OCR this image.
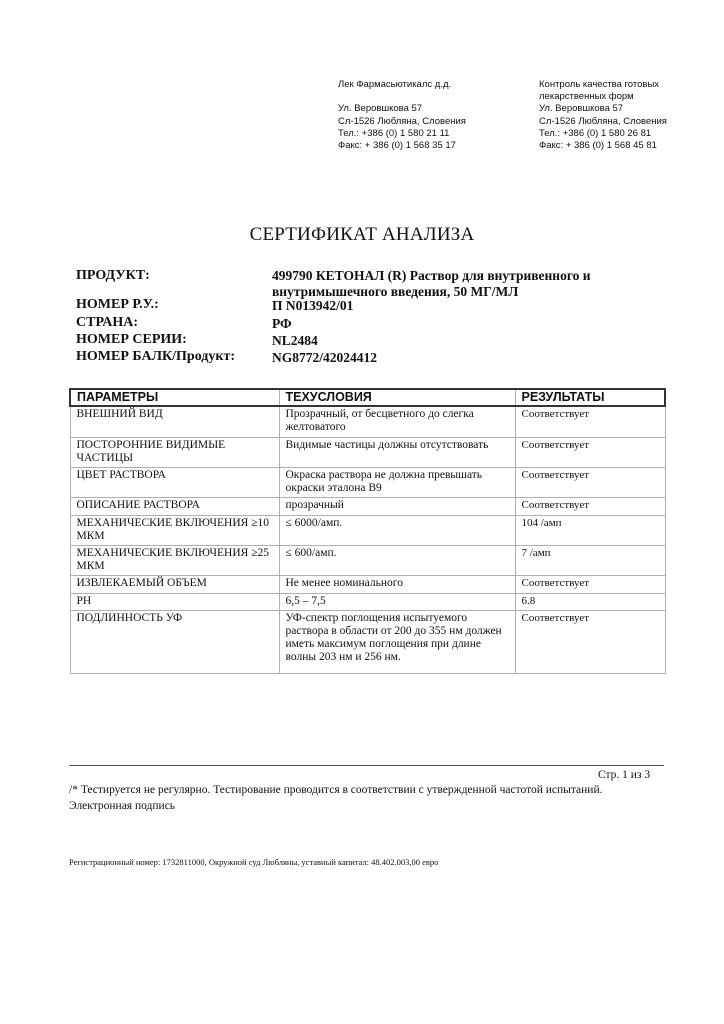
Лек Фармасьютикалс д.д.
Ул. Веровшкова 57
Сл-1526 Любляна, Словения
Тел.: +386 (0) 1 580 21 11
Факс: + 386 (0) 1 568 35 17
Контроль качества готовых
лекарственных форм
Ул. Веровшкова 57
Сл-1526 Любляна, Словения
Тел.: +386 (0) 1 580 26 81
Факс: + 386 (0) 1 568 45 81
СЕРТИФИКАТ АНАЛИЗА
ПРОДУКТ:	499790 КЕТОНАЛ (R) Раствор для внутривенного и
внутримышечного введения, 50 МГ/МЛ
НОМЕР Р.У.:	П N013942/01
СТРАНА:	РФ
НОМЕР СЕРИИ:	NL2484
НОМЕР БАЛК/Продукт:	NG8772/42024412
ПАРАМЕТРЫ	ТЕХУСЛОВИЯ	РЕЗУЛЬТАТЫ
ВНЕШНИЙ ВИД	Прозрачный, от бесцветного до слегка желтоватого	Соответствует
ПОСТОРОННИЕ ВИДИМЫЕ ЧАСТИЦЫ	Видимые частицы должны отсутствовать	Соответствует
ЦВЕТ РАСТВОРА	Окраска раствора не должна превышать окраски эталона В9	Соответствует
ОПИСАНИЕ РАСТВОРА	прозрачный	Соответствует
МЕХАНИЧЕСКИЕ ВКЛЮЧЕНИЯ ≥10 МКМ	≤ 6000/амп.	104 /амп
МЕХАНИЧЕСКИЕ ВКЛЮЧЕНИЯ ≥25 МКМ	≤ 600/амп.	7 /амп
ИЗВЛЕКАЕМЫЙ ОБЪЕМ	Не менее номинального	Соответствует
PH	6,5 – 7,5	6.8
ПОДЛИННОСТЬ УФ	УФ-спектр поглощения испытуемого раствора в области от 200 до 355 нм должен иметь максимум поглощения при длине волны 203 нм и 256 нм.	Соответствует
Стр. 1 из 3
/* Тестируется не регулярно. Тестирование проводится в соответствии с утвержденной частотой испытаний.
Электронная подпись
Регистрационный номер: 1732811000, Окружной суд Любляны, уставный капитал: 48.402.003,00 евро
